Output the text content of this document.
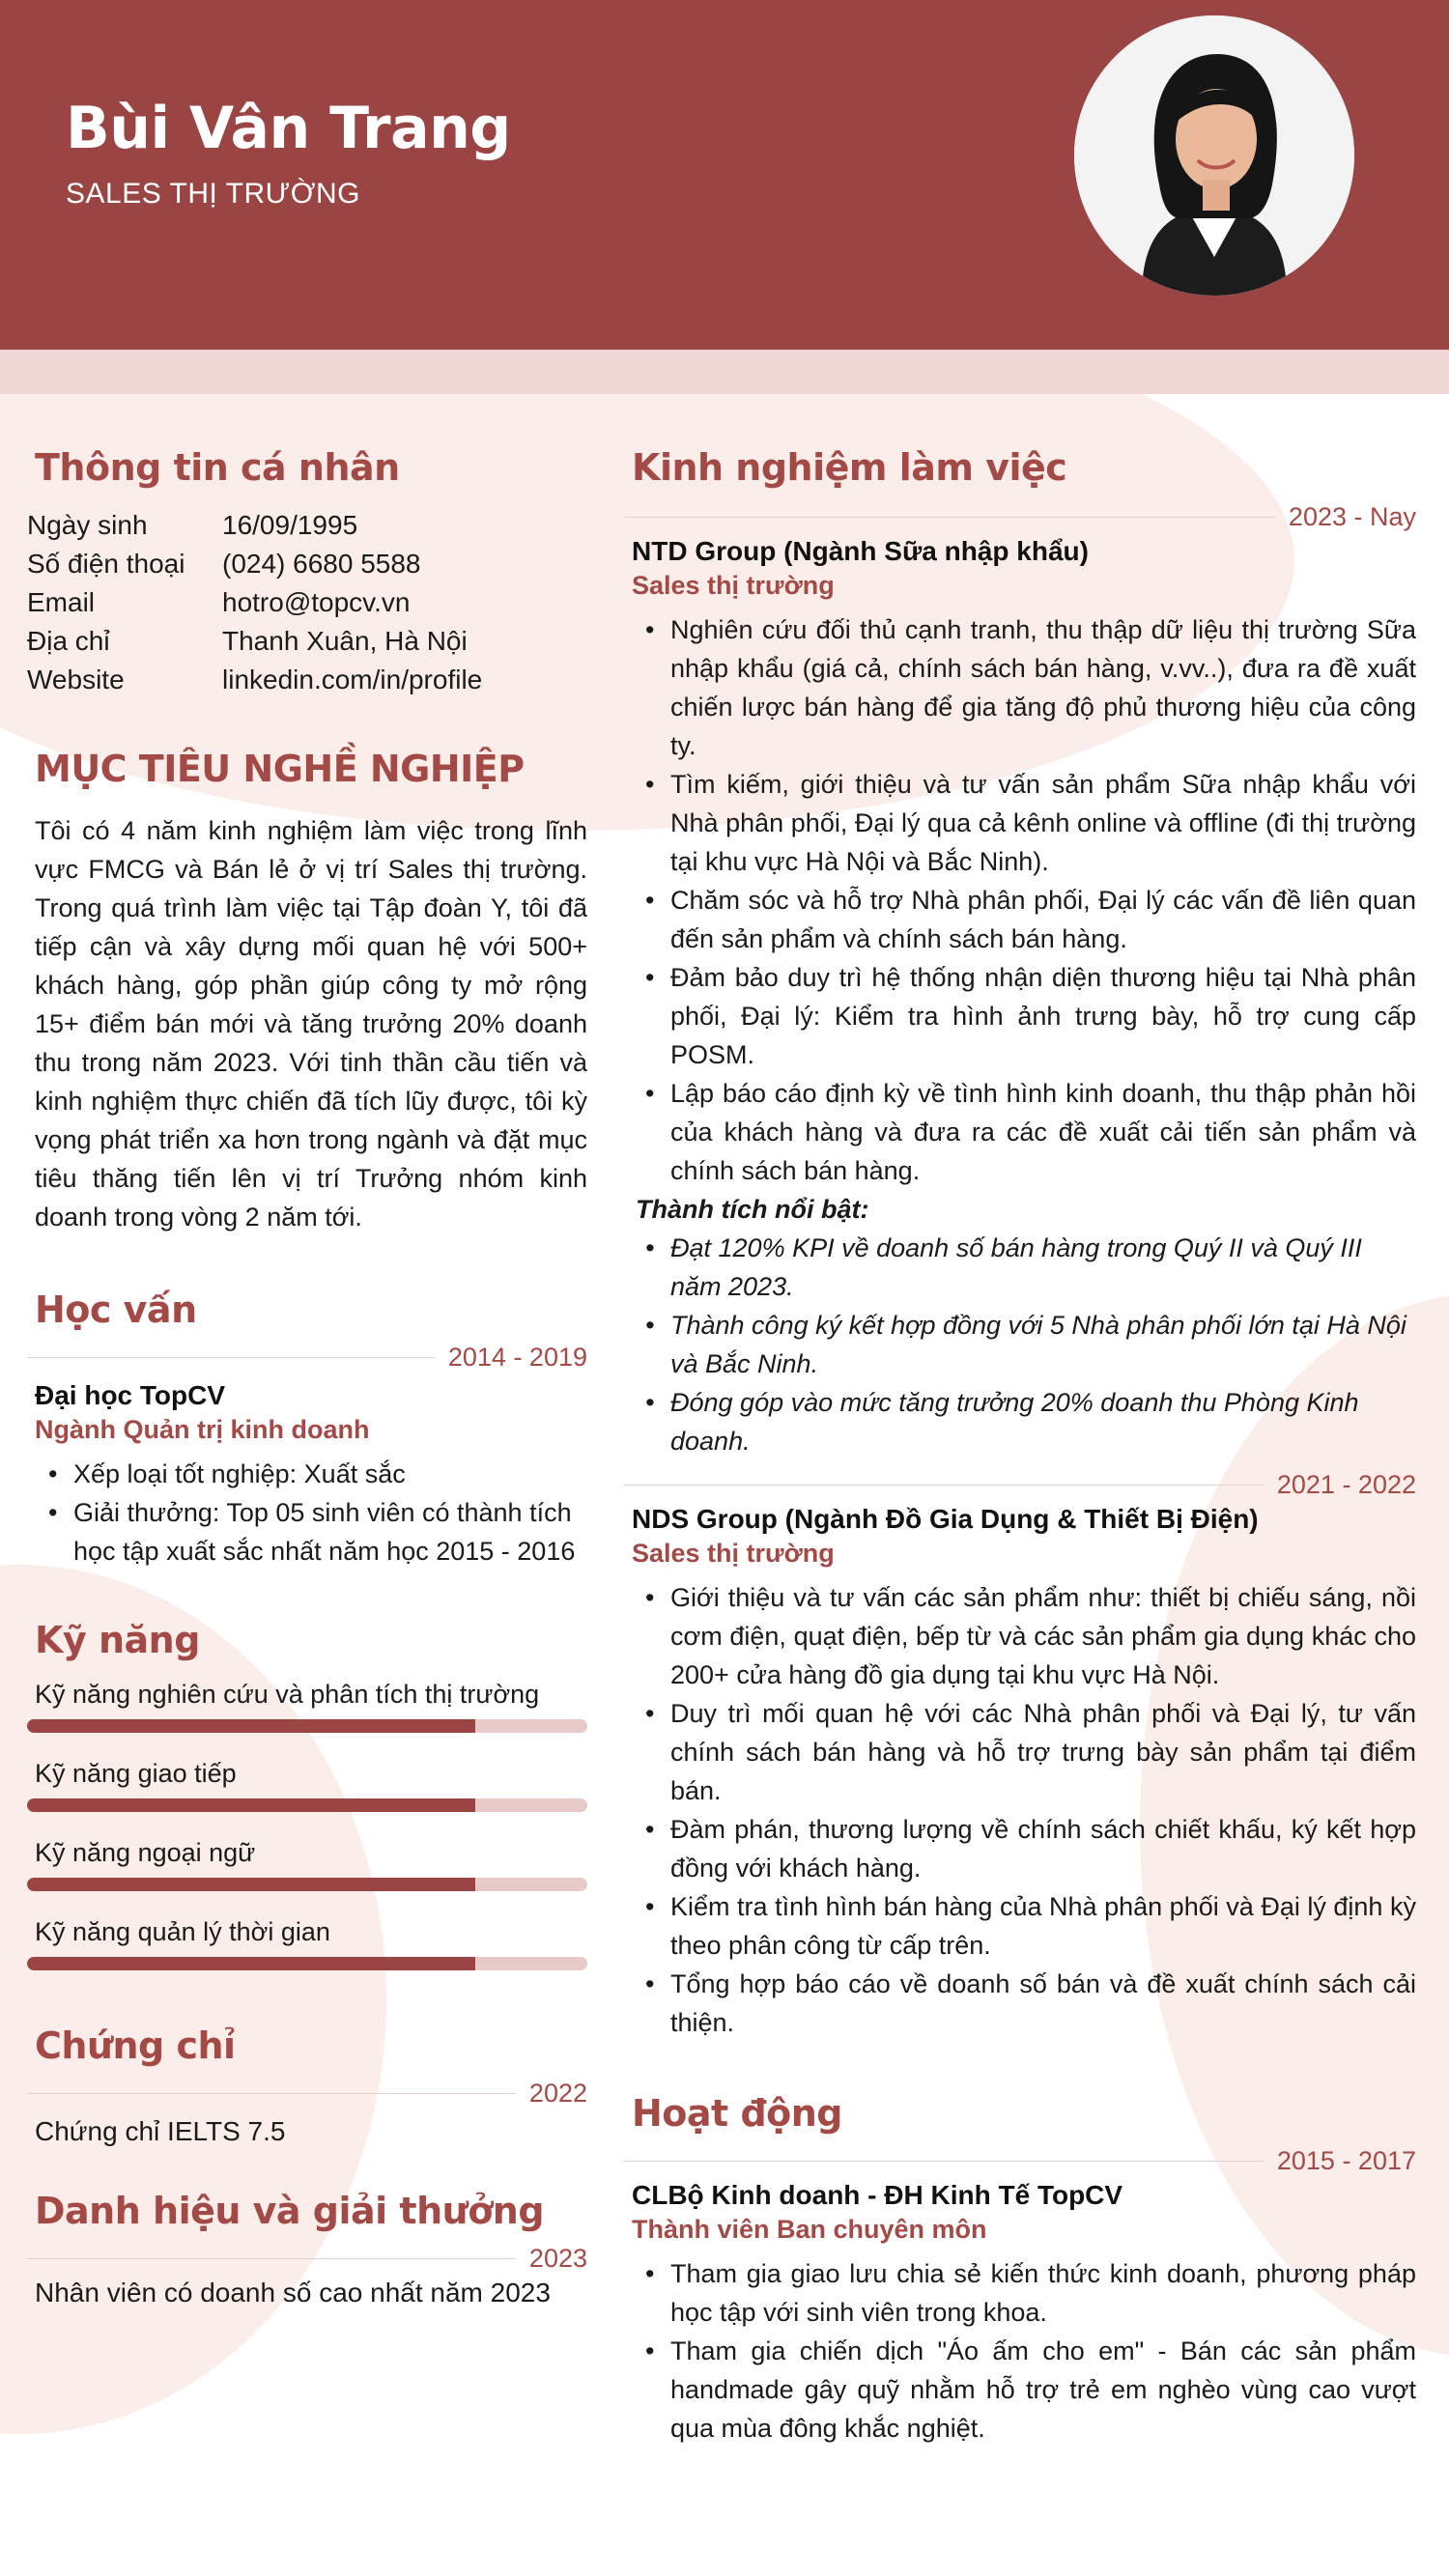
Bùi Vân Trang
SALES THỊ TRƯỜNG
Thông tin cá nhân
Ngày sinh	16/09/1995
Số điện thoại	(024) 6680 5588
Email	hotro@topcv.vn
Địa chỉ	Thanh Xuân, Hà Nội
Website	linkedin.com/in/profile
MỤC TIÊU NGHỀ NGHIỆP
Tôi có 4 năm kinh nghiệm làm việc trong lĩnh vực FMCG và Bán lẻ ở vị trí Sales thị trường. Trong quá trình làm việc tại Tập đoàn Y, tôi đã tiếp cận và xây dựng mối quan hệ với 500+ khách hàng, góp phần giúp công ty mở rộng 15+ điểm bán mới và tăng trưởng 20% doanh thu trong năm 2023. Với tinh thần cầu tiến và kinh nghiệm thực chiến đã tích lũy được, tôi kỳ vọng phát triển xa hơn trong ngành và đặt mục tiêu thăng tiến lên vị trí Trưởng nhóm kinh doanh trong vòng 2 năm tới.
Học vấn
2014 - 2019
Đại học TopCV
Ngành Quản trị kinh doanh
• Xếp loại tốt nghiệp: Xuất sắc
• Giải thưởng: Top 05 sinh viên có thành tích học tập xuất sắc nhất năm học 2015 - 2016
Kỹ năng
Kỹ năng nghiên cứu và phân tích thị trường
Kỹ năng giao tiếp
Kỹ năng ngoại ngữ
Kỹ năng quản lý thời gian
Chứng chỉ
2022
Chứng chỉ IELTS 7.5
Danh hiệu và giải thưởng
2023
Nhân viên có doanh số cao nhất năm 2023
Kinh nghiệm làm việc
2023 - Nay
NTD Group (Ngành Sữa nhập khẩu)
Sales thị trường
• Nghiên cứu đối thủ cạnh tranh, thu thập dữ liệu thị trường Sữa nhập khẩu (giá cả, chính sách bán hàng, v.vv..), đưa ra đề xuất chiến lược bán hàng để gia tăng độ phủ thương hiệu của công ty.
• Tìm kiếm, giới thiệu và tư vấn sản phẩm Sữa nhập khẩu với Nhà phân phối, Đại lý qua cả kênh online và offline (đi thị trường tại khu vực Hà Nội và Bắc Ninh).
• Chăm sóc và hỗ trợ Nhà phân phối, Đại lý các vấn đề liên quan đến sản phẩm và chính sách bán hàng.
• Đảm bảo duy trì hệ thống nhận diện thương hiệu tại Nhà phân phối, Đại lý: Kiểm tra hình ảnh trưng bày, hỗ trợ cung cấp POSM.
• Lập báo cáo định kỳ về tình hình kinh doanh, thu thập phản hồi của khách hàng và đưa ra các đề xuất cải tiến sản phẩm và chính sách bán hàng.
Thành tích nổi bật:
• Đạt 120% KPI về doanh số bán hàng trong Quý II và Quý III năm 2023.
• Thành công ký kết hợp đồng với 5 Nhà phân phối lớn tại Hà Nội và Bắc Ninh.
• Đóng góp vào mức tăng trưởng 20% doanh thu Phòng Kinh doanh.
2021 - 2022
NDS Group (Ngành Đồ Gia Dụng & Thiết Bị Điện)
Sales thị trường
• Giới thiệu và tư vấn các sản phẩm như: thiết bị chiếu sáng, nồi cơm điện, quạt điện, bếp từ và các sản phẩm gia dụng khác cho 200+ cửa hàng đồ gia dụng tại khu vực Hà Nội.
• Duy trì mối quan hệ với các Nhà phân phối và Đại lý, tư vấn chính sách bán hàng và hỗ trợ trưng bày sản phẩm tại điểm bán.
• Đàm phán, thương lượng về chính sách chiết khấu, ký kết hợp đồng với khách hàng.
• Kiểm tra tình hình bán hàng của Nhà phân phối và Đại lý định kỳ theo phân công từ cấp trên.
• Tổng hợp báo cáo về doanh số bán và đề xuất chính sách cải thiện.
Hoạt động
2015 - 2017
CLBộ Kinh doanh - ĐH Kinh Tế TopCV
Thành viên Ban chuyên môn
• Tham gia giao lưu chia sẻ kiến thức kinh doanh, phương pháp học tập với sinh viên trong khoa.
• Tham gia chiến dịch "Áo ấm cho em" - Bán các sản phẩm handmade gây quỹ nhằm hỗ trợ trẻ em nghèo vùng cao vượt qua mùa đông khắc nghiệt.
